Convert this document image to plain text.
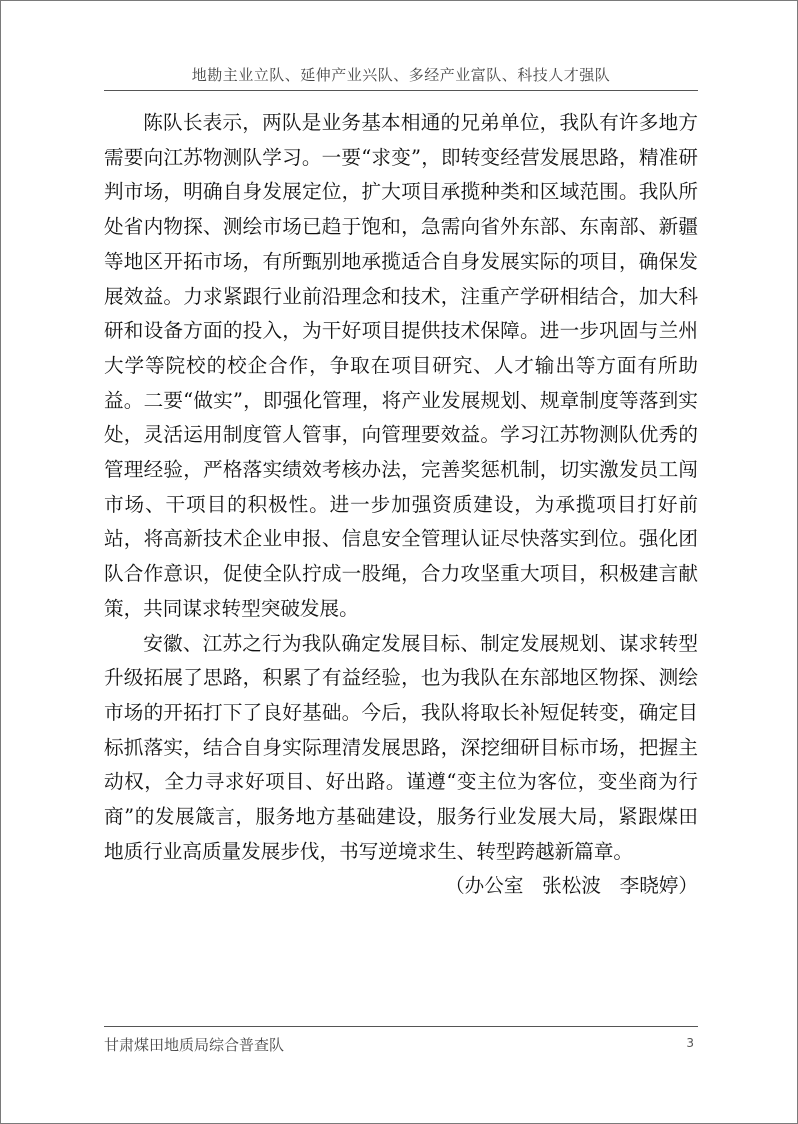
地勘主业立队、延伸产业兴队、多经产业富队、科技人才强队

陈队长表示，两队是业务基本相通的兄弟单位，我队有许多地方需要向江苏物测队学习。一要“求变”，即转变经营发展思路，精准研判市场，明确自身发展定位，扩大项目承揽种类和区域范围。我队所处省内物探、测绘市场已趋于饱和，急需向省外东部、东南部、新疆等地区开拓市场，有所甄别地承揽适合自身发展实际的项目，确保发展效益。力求紧跟行业前沿理念和技术，注重产学研相结合，加大科研和设备方面的投入，为干好项目提供技术保障。进一步巩固与兰州大学等院校的校企合作，争取在项目研究、人才输出等方面有所助益。二要“做实”，即强化管理，将产业发展规划、规章制度等落到实处，灵活运用制度管人管事，向管理要效益。学习江苏物测队优秀的管理经验，严格落实绩效考核办法，完善奖惩机制，切实激发员工闯市场、干项目的积极性。进一步加强资质建设，为承揽项目打好前站，将高新技术企业申报、信息安全管理认证尽快落实到位。强化团队合作意识，促使全队拧成一股绳，合力攻坚重大项目，积极建言献策，共同谋求转型突破发展。

安徽、江苏之行为我队确定发展目标、制定发展规划、谋求转型升级拓展了思路，积累了有益经验，也为我队在东部地区物探、测绘市场的开拓打下了良好基础。今后，我队将取长补短促转变，确定目标抓落实，结合自身实际理清发展思路，深挖细研目标市场，把握主动权，全力寻求好项目、好出路。谨遵“变主位为客位，变坐商为行商”的发展箴言，服务地方基础建设，服务行业发展大局，紧跟煤田地质行业高质量发展步伐，书写逆境求生、转型跨越新篇章。

（办公室   张松波   李晓婷）

甘肃煤田地质局综合普查队	3
